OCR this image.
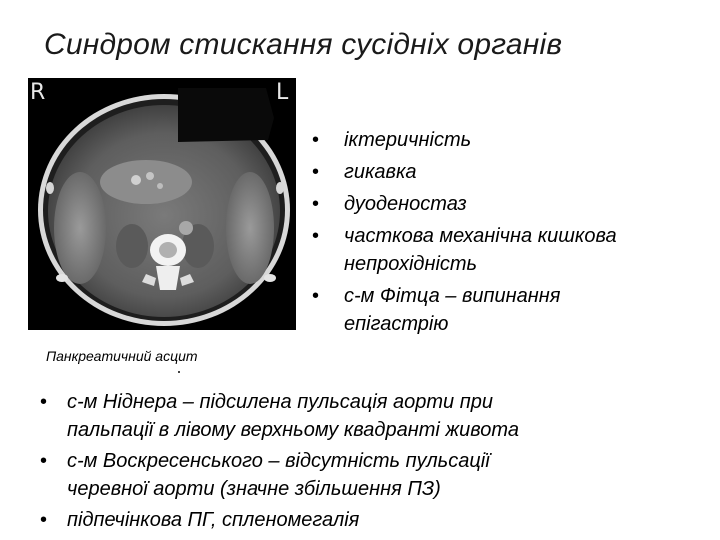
Синдром стискання сусідніх органів
R	L
Панкреатичний асцит
• іктеричність
• гикавка
• дуоденостаз
• часткова механічна кишкова
непрохідність
• с-м Фітца – випинання
епігастрію
• с-м Ніднера – підсилена пульсація аорти при
пальпації в лівому верхньому квадранті живота
• с-м Воскресенського – відсутність пульсації
черевної аорти (значне збільшення ПЗ)
• підпечінкова ПГ, спленомегалія
